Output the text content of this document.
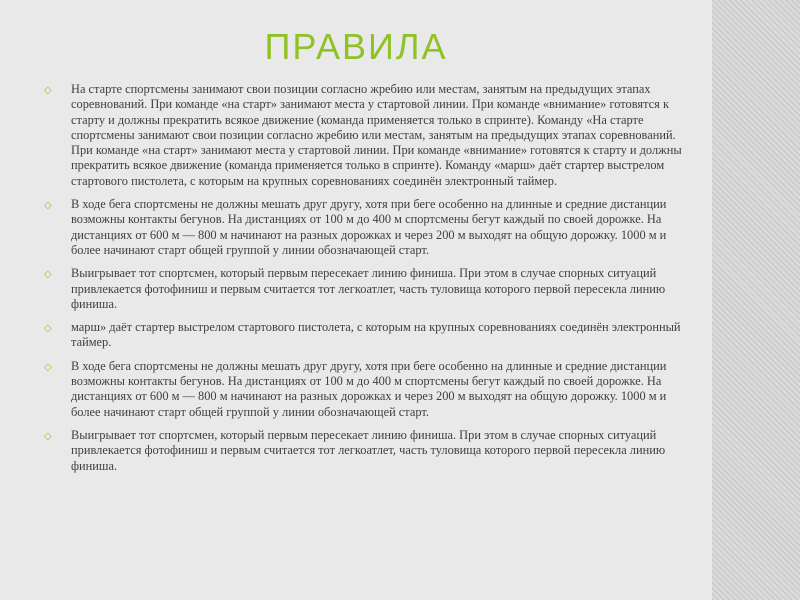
ПРАВИЛА
◇ На старте спортсмены занимают свои позиции согласно жребию или местам, занятым на предыдущих этапах соревнований. При команде «на старт» занимают места у стартовой линии. При команде «внимание» готовятся к старту и должны прекратить всякое движение (команда применяется только в спринте). Команду «На старте спортсмены занимают свои позиции согласно жребию или местам, занятым на предыдущих этапах соревнований. При команде «на старт» занимают места у стартовой линии. При команде «внимание» готовятся к старту и должны прекратить всякое движение (команда применяется только в спринте). Команду «марш» даёт стартер выстрелом стартового пистолета, с которым на крупных соревнованиях соединён электронный таймер.
◇ В ходе бега спортсмены не должны мешать друг другу, хотя при беге особенно на длинные и средние дистанции возможны контакты бегунов. На дистанциях от 100 м до 400 м спортсмены бегут каждый по своей дорожке. На дистанциях от 600 м — 800 м начинают на разных дорожках и через 200 м выходят на общую дорожку. 1000 м и более начинают старт общей группой у линии обозначающей старт.
◇ Выигрывает тот спортсмен, который первым пересекает линию финиша. При этом в случае спорных ситуаций привлекается фотофиниш и первым считается тот легкоатлет, часть туловища которого первой пересекла линию финиша.
◇ марш» даёт стартер выстрелом стартового пистолета, с которым на крупных соревнованиях соединён электронный таймер.
◇ В ходе бега спортсмены не должны мешать друг другу, хотя при беге особенно на длинные и средние дистанции возможны контакты бегунов. На дистанциях от 100 м до 400 м спортсмены бегут каждый по своей дорожке. На дистанциях от 600 м — 800 м начинают на разных дорожках и через 200 м выходят на общую дорожку. 1000 м и более начинают старт общей группой у линии обозначающей старт.
◇ Выигрывает тот спортсмен, который первым пересекает линию финиша. При этом в случае спорных ситуаций привлекается фотофиниш и первым считается тот легкоатлет, часть туловища которого первой пересекла линию финиша.
